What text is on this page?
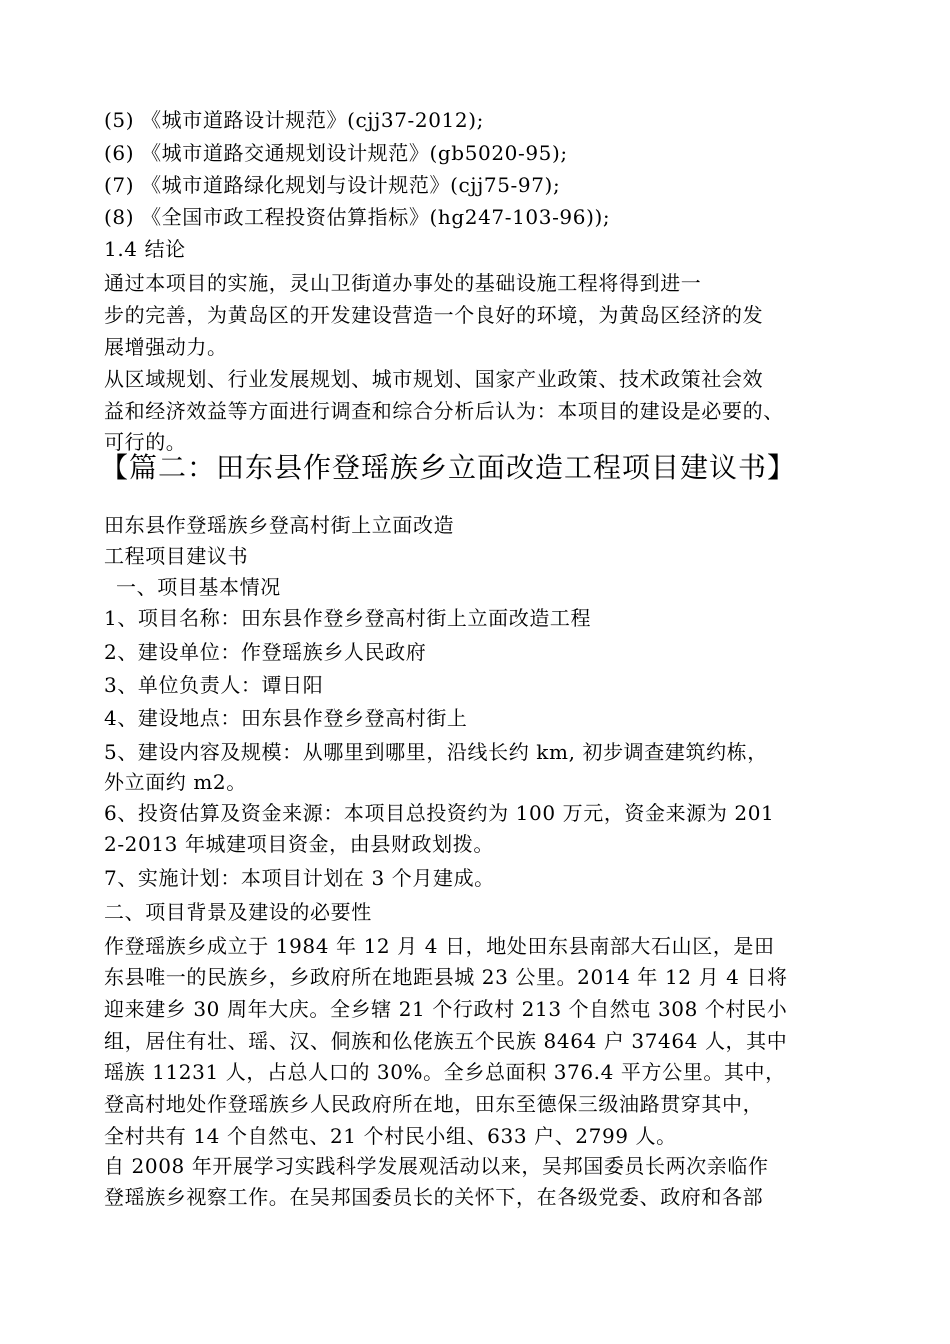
(5) 《城市道路设计规范》(cjj37-2012);
(6) 《城市道路交通规划设计规范》(gb5020-95);
(7) 《城市道路绿化规划与设计规范》(cjj75-97);
(8) 《全国市政工程投资估算指标》(hg247-103-96));
1.4 结论
通过本项目的实施，灵山卫街道办事处的基础设施工程将得到进一
步的完善，为黄岛区的开发建设营造一个良好的环境，为黄岛区经济的发
展增强动力。
从区域规划、行业发展规划、城市规划、国家产业政策、技术政策社会效
益和经济效益等方面进行调查和综合分析后认为：本项目的建设是必要的、
可行的。
【篇二：田东县作登瑶族乡立面改造工程项目建议书】
田东县作登瑶族乡登高村街上立面改造
工程项目建议书
一、项目基本情况
1、项目名称：田东县作登乡登高村街上立面改造工程
2、建设单位：作登瑶族乡人民政府
3、单位负责人：谭日阳
4、建设地点：田东县作登乡登高村街上
5、建设内容及规模：从哪里到哪里，沿线长约 km, 初步调查建筑约栋，
外立面约 m2。
6、投资估算及资金来源：本项目总投资约为 100 万元，资金来源为 201
2-2013 年城建项目资金，由县财政划拨。
7、实施计划：本项目计划在 3 个月建成。
二、项目背景及建设的必要性
作登瑶族乡成立于 1984 年 12 月 4 日，地处田东县南部大石山区，是田
东县唯一的民族乡，乡政府所在地距县城 23 公里。2014 年 12 月 4 日将
迎来建乡 30 周年大庆。全乡辖 21 个行政村 213 个自然屯 308 个村民小
组，居住有壮、瑶、汉、侗族和仫佬族五个民族 8464 户 37464 人，其中
瑶族 11231 人，占总人口的 30%。全乡总面积 376.4 平方公里。其中，
登高村地处作登瑶族乡人民政府所在地，田东至德保三级油路贯穿其中，
全村共有 14 个自然屯、21 个村民小组、633 户、2799 人。
自 2008 年开展学习实践科学发展观活动以来，吴邦国委员长两次亲临作
登瑶族乡视察工作。在吴邦国委员长的关怀下，在各级党委、政府和各部
